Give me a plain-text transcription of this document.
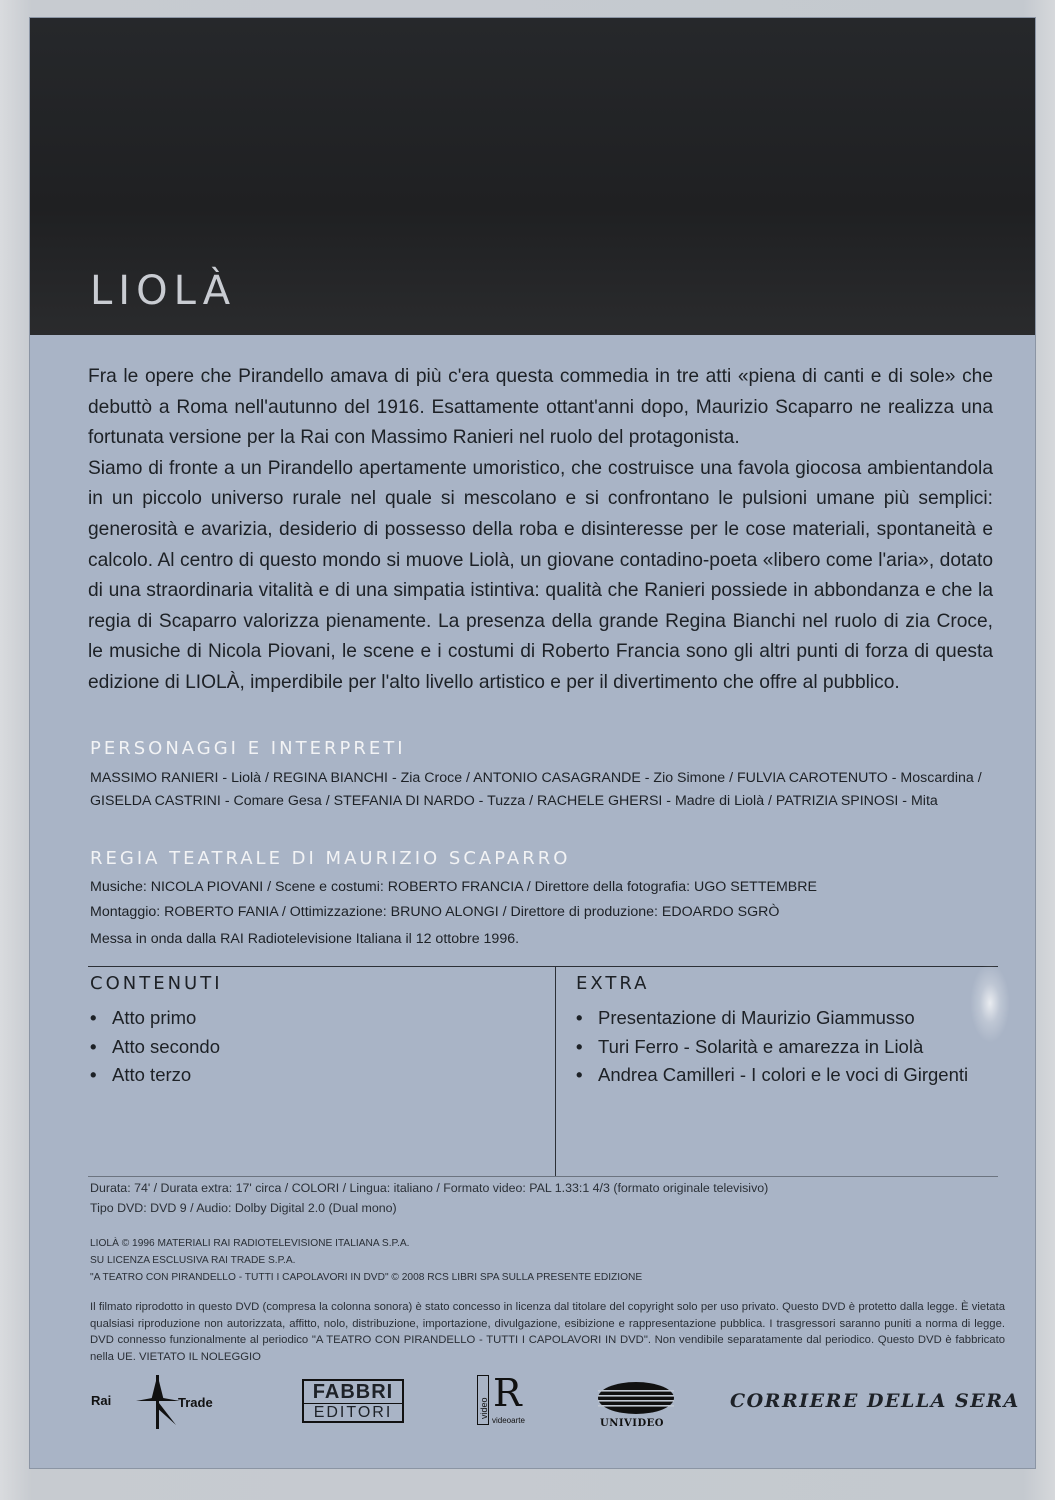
LIOLÀ

Fra le opere che Pirandello amava di più c'era questa commedia in tre atti «piena di canti e di sole» che debuttò a Roma nell'autunno del 1916. Esattamente ottant'anni dopo, Maurizio Scaparro ne realizza una fortunata versione per la Rai con Massimo Ranieri nel ruolo del protagonista.

Siamo di fronte a un Pirandello apertamente umoristico, che costruisce una favola giocosa ambientandola in un piccolo universo rurale nel quale si mescolano e si confrontano le pulsioni umane più semplici: generosità e avarizia, desiderio di possesso della roba e disinteresse per le cose materiali, spontaneità e calcolo. Al centro di questo mondo si muove Liolà, un giovane contadino-poeta «libero come l'aria», dotato di una straordinaria vitalità e di una simpatia istintiva: qualità che Ranieri possiede in abbondanza e che la regia di Scaparro valorizza pienamente. La presenza della grande Regina Bianchi nel ruolo di zia Croce, le musiche di Nicola Piovani, le scene e i costumi di Roberto Francia sono gli altri punti di forza di questa edizione di LIOLÀ, imperdibile per l'alto livello artistico e per il divertimento che offre al pubblico.

PERSONAGGI E INTERPRETI

MASSIMO RANIERI - Liolà / REGINA BIANCHI - Zia Croce / ANTONIO CASAGRANDE - Zio Simone / FULVIA CAROTENUTO - Moscardina / GISELDA CASTRINI - Comare Gesa / STEFANIA DI NARDO - Tuzza / RACHELE GHERSI - Madre di Liolà / PATRIZIA SPINOSI - Mita

REGIA TEATRALE DI MAURIZIO SCAPARRO

Musiche: NICOLA PIOVANI / Scene e costumi: ROBERTO FRANCIA / Direttore della fotografia: UGO SETTEMBRE

Montaggio: ROBERTO FANIA / Ottimizzazione: BRUNO ALONGI / Direttore di produzione: EDOARDO SGRÒ

Messa in onda dalla RAI Radiotelevisione Italiana il 12 ottobre 1996.

CONTENUTI
• Atto primo
• Atto secondo
• Atto terzo
EXTRA
• Presentazione di Maurizio Giammusso
• Turi Ferro - Solarità e amarezza in Liolà
• Andrea Camilleri - I colori e le voci di Girgenti

Durata: 74' / Durata extra: 17' circa / COLORI / Lingua: italiano / Formato video: PAL 1.33:1 4/3 (formato originale televisivo)

Tipo DVD: DVD 9 / Audio: Dolby Digital 2.0 (Dual mono)

LIOLÀ © 1996 MATERIALI RAI RADIOTELEVISIONE ITALIANA S.P.A.

SU LICENZA ESCLUSIVA RAI TRADE S.P.A.

"A TEATRO CON PIRANDELLO - TUTTI I CAPOLAVORI IN DVD" © 2008 RCS LIBRI SPA SULLA PRESENTE EDIZIONE

Il filmato riprodotto in questo DVD (compresa la colonna sonora) è stato concesso in licenza dal titolare del copyright solo per uso privato. Questo DVD è protetto dalla legge. È vietata qualsiasi riproduzione non autorizzata, affitto, nolo, distribuzione, importazione, divulgazione, esibizione e rappresentazione pubblica. I trasgressori saranno puniti a norma di legge. DVD connesso funzionalmente al periodico "A TEATRO CON PIRANDELLO - TUTTI I CAPOLAVORI IN DVD". Non vendibile separatamente dal periodico. Questo DVD è fabbricato nella UE. VIETATO IL NOLEGGIO

Rai	Trade	FABBRI
EDITORI	video R
videoarte	UNIVIDEO
CORRIERE DELLA SERA
